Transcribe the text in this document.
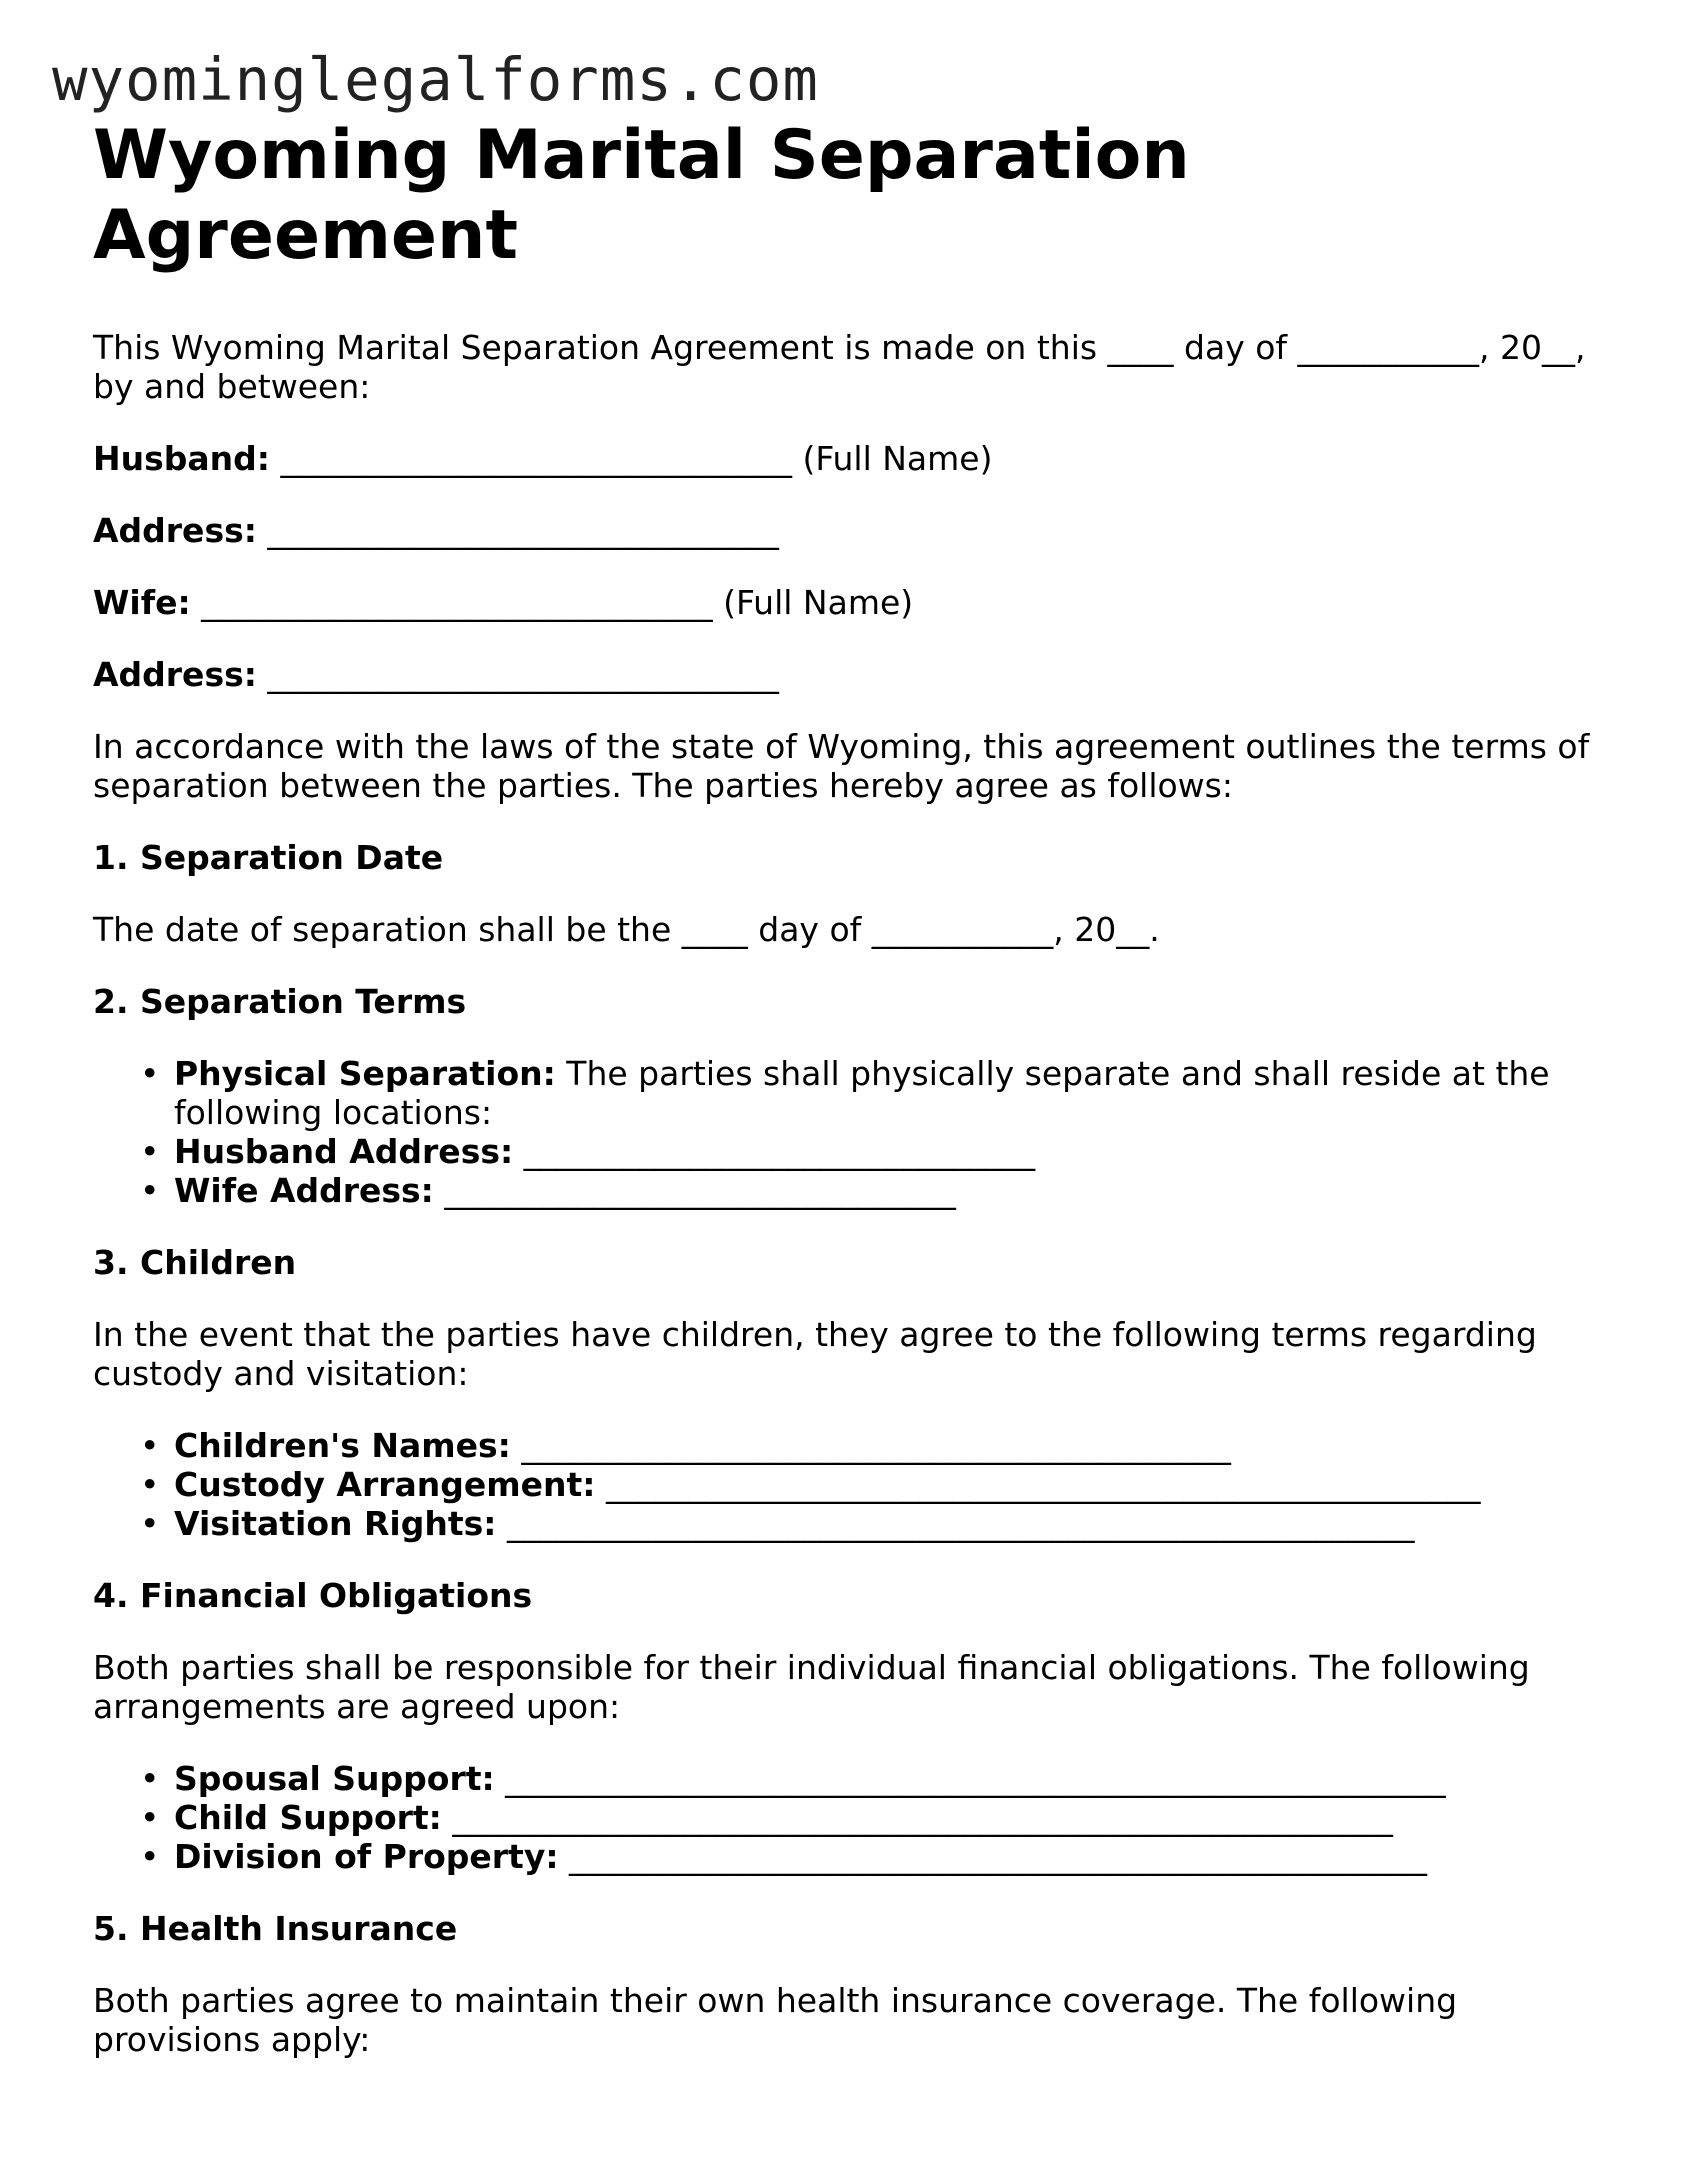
wyominglegalforms.com
Wyoming Marital Separation Agreement

This Wyoming Marital Separation Agreement is made on this ____ day of ___________, 20__, by and between:

Husband: _______________________________ (Full Name)

Address: _______________________________

Wife: _______________________________ (Full Name)

Address: _______________________________

In accordance with the laws of the state of Wyoming, this agreement outlines the terms of separation between the parties. The parties hereby agree as follows:

1. Separation Date

The date of separation shall be the ____ day of ___________, 20__.

2. Separation Terms
• Physical Separation: The parties shall physically separate and shall reside at the following locations:
• Husband Address: _______________________________
• Wife Address: _______________________________
3. Children

In the event that the parties have children, they agree to the following terms regarding custody and visitation:

• Children's Names: ___________________________________________
• Custody Arrangement: _____________________________________________________
• Visitation Rights: _______________________________________________________
4. Financial Obligations

Both parties shall be responsible for their individual financial obligations. The following arrangements are agreed upon:

• Spousal Support: _________________________________________________________
• Child Support: _________________________________________________________
• Division of Property: ____________________________________________________
5. Health Insurance

Both parties agree to maintain their own health insurance coverage. The following provisions apply:
